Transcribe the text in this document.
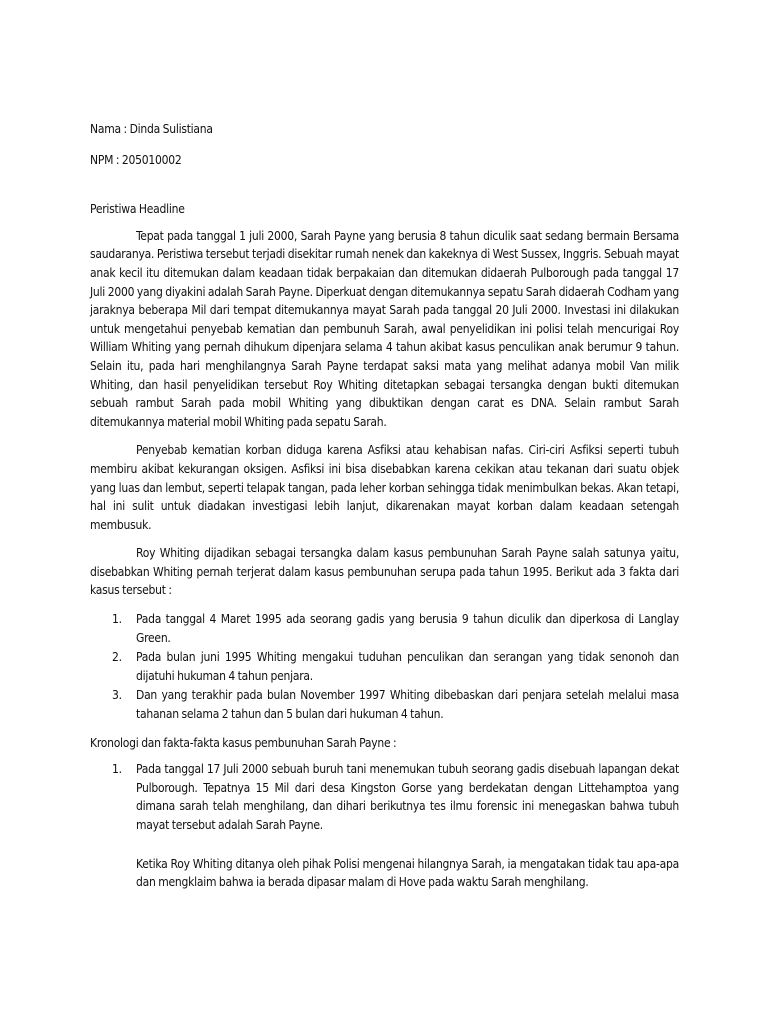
Nama : Dinda Sulistiana
NPM : 205010002
Peristiwa Headline

Tepat pada tanggal 1 juli 2000, Sarah Payne yang berusia 8 tahun diculik saat sedang bermain Bersama saudaranya. Peristiwa tersebut terjadi disekitar rumah nenek dan kakeknya di West Sussex, Inggris. Sebuah mayat anak kecil itu ditemukan dalam keadaan tidak berpakaian dan ditemukan didaerah Pulborough pada tanggal 17 Juli 2000 yang diyakini adalah Sarah Payne. Diperkuat dengan ditemukannya sepatu Sarah didaerah Codham yang jaraknya beberapa Mil dari tempat ditemukannya mayat Sarah pada tanggal 20 Juli 2000. Investasi ini dilakukan untuk mengetahui penyebab kematian dan pembunuh Sarah, awal penyelidikan ini polisi telah mencurigai Roy William Whiting yang pernah dihukum dipenjara selama 4 tahun akibat kasus penculikan anak berumur 9 tahun. Selain itu, pada hari menghilangnya Sarah Payne terdapat saksi mata yang melihat adanya mobil Van milik Whiting, dan hasil penyelidikan tersebut Roy Whiting ditetapkan sebagai tersangka dengan bukti ditemukan sebuah rambut Sarah pada mobil Whiting yang dibuktikan dengan carat es DNA. Selain rambut Sarah ditemukannya material mobil Whiting pada sepatu Sarah.

Penyebab kematian korban diduga karena Asfiksi atau kehabisan nafas. Ciri-ciri Asfiksi seperti tubuh membiru akibat kekurangan oksigen. Asfiksi ini bisa disebabkan karena cekikan atau tekanan dari suatu objek yang luas dan lembut, seperti telapak tangan, pada leher korban sehingga tidak menimbulkan bekas. Akan tetapi, hal ini sulit untuk diadakan investigasi lebih lanjut, dikarenakan mayat korban dalam keadaan setengah membusuk.

Roy Whiting dijadikan sebagai tersangka dalam kasus pembunuhan Sarah Payne salah satunya yaitu, disebabkan Whiting pernah terjerat dalam kasus pembunuhan serupa pada tahun 1995. Berikut ada 3 fakta dari kasus tersebut :

1. Pada tanggal 4 Maret 1995 ada seorang gadis yang berusia 9 tahun diculik dan diperkosa di Langlay Green.
2. Pada bulan juni 1995 Whiting mengakui tuduhan penculikan dan serangan yang tidak senonoh dan dijatuhi hukuman 4 tahun penjara.
3. Dan yang terakhir pada bulan November 1997 Whiting dibebaskan dari penjara setelah melalui masa tahanan selama 2 tahun dan 5 bulan dari hukuman 4 tahun.
Kronologi dan fakta-fakta kasus pembunuhan Sarah Payne :
1. Pada tanggal 17 Juli 2000 sebuah buruh tani menemukan tubuh seorang gadis disebuah lapangan dekat Pulborough. Tepatnya 15 Mil dari desa Kingston Gorse yang berdekatan dengan Littehamptoa yang dimana sarah telah menghilang, dan dihari berikutnya tes ilmu forensic ini menegaskan bahwa tubuh mayat tersebut adalah Sarah Payne.
Ketika Roy Whiting ditanya oleh pihak Polisi mengenai hilangnya Sarah, ia mengatakan tidak tau apa-apa dan mengklaim bahwa ia berada dipasar malam di Hove pada waktu Sarah menghilang.
